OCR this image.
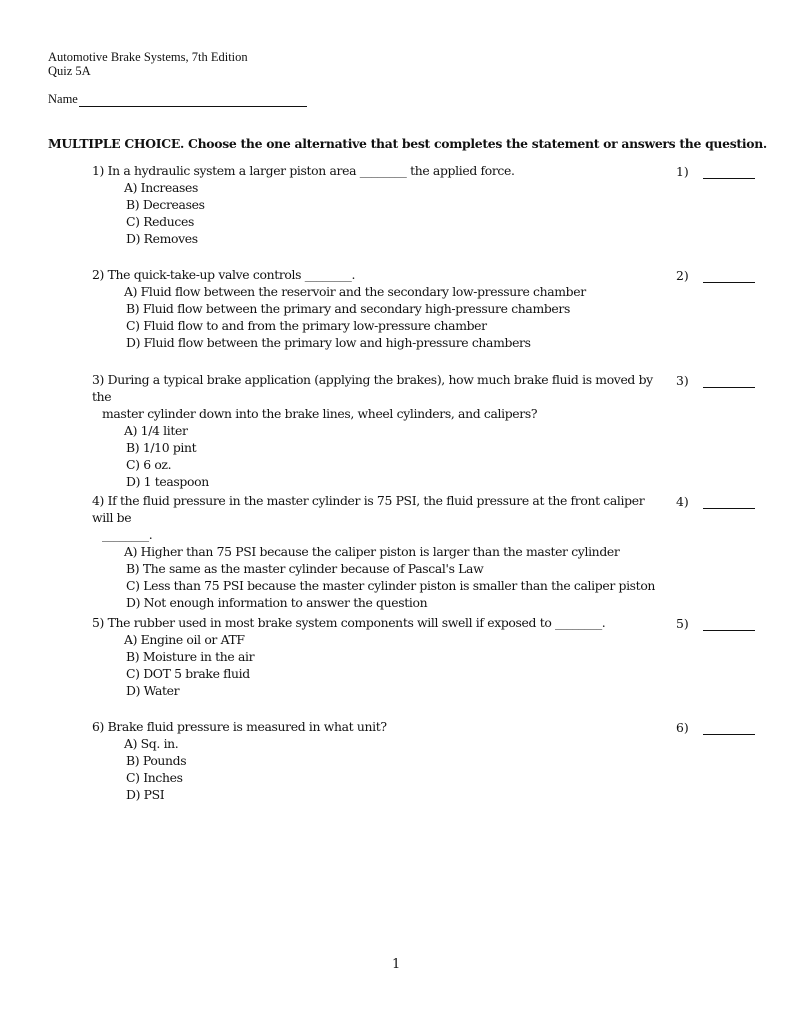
Automotive Brake Systems, 7th Edition
Quiz 5A
Name
MULTIPLE CHOICE. Choose the one alternative that best completes the statement or answers the question.
1) In a hydraulic system a larger piston area ________ the applied force.
A) Increases
B) Decreases
C) Reduces
D) Removes
1)
2) The quick-take-up valve controls ________.
A) Fluid flow between the reservoir and the secondary low-pressure chamber
B) Fluid flow between the primary and secondary high-pressure chambers
C) Fluid flow to and from the primary low-pressure chamber
D) Fluid flow between the primary low and high-pressure chambers
2)
3) During a typical brake application (applying the brakes), how much brake fluid is moved by the
master cylinder down into the brake lines, wheel cylinders, and calipers?
A) 1/4 liter
B) 1/10 pint
C) 6 oz.
D) 1 teaspoon
3)
4) If the fluid pressure in the master cylinder is 75 PSI, the fluid pressure at the front caliper will be
________.
A) Higher than 75 PSI because the caliper piston is larger than the master cylinder
B) The same as the master cylinder because of Pascal's Law
C) Less than 75 PSI because the master cylinder piston is smaller than the caliper piston
D) Not enough information to answer the question
4)
5) The rubber used in most brake system components will swell if exposed to ________.
A) Engine oil or ATF
B) Moisture in the air
C) DOT 5 brake fluid
D) Water
5)
6) Brake fluid pressure is measured in what unit?
A) Sq. in.
B) Pounds
C) Inches
D) PSI
6)
1
